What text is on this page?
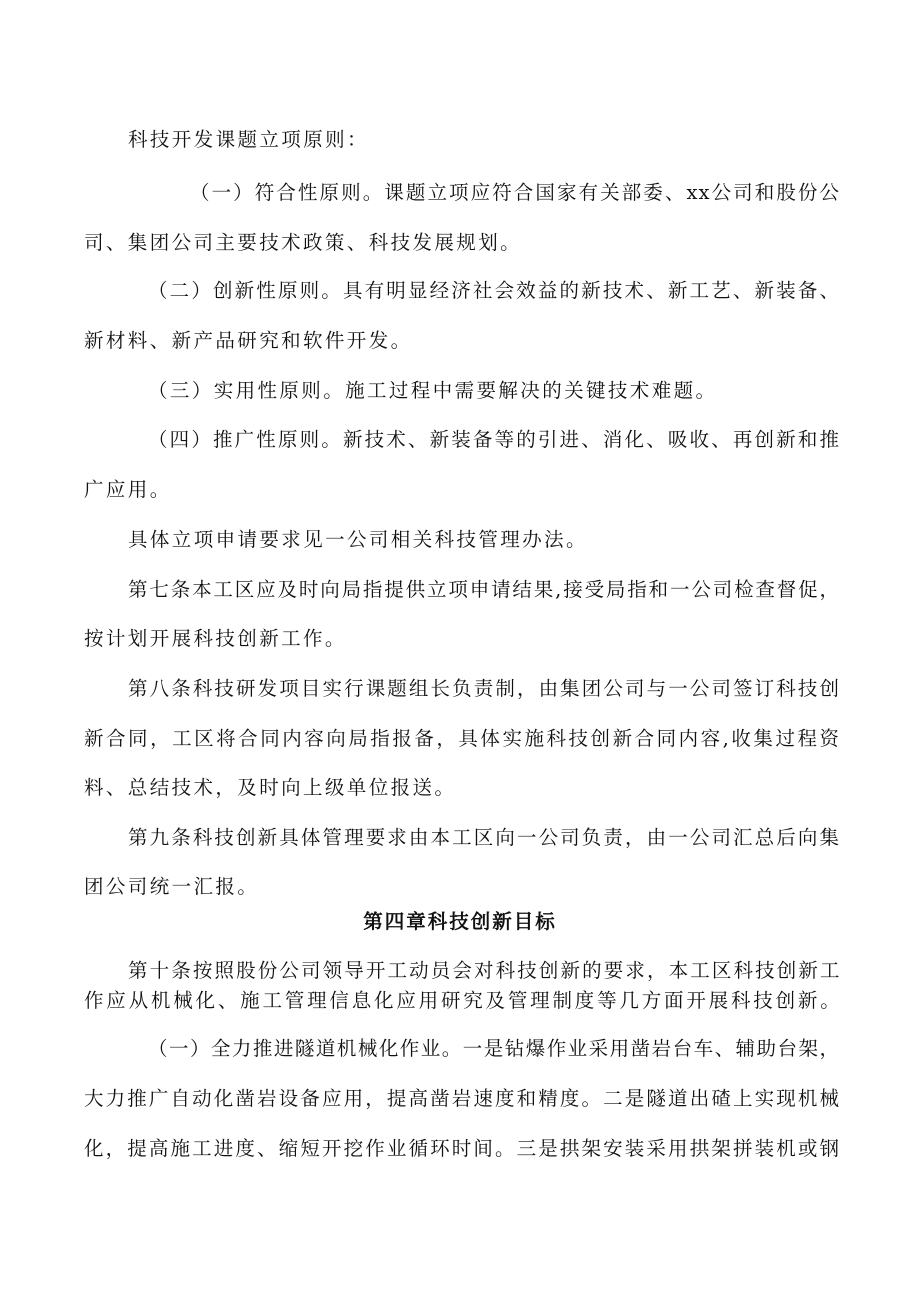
科技开发课题立项原则：
（一）符合性原则。课题立项应符合国家有关部委、xx公司和股份公
司、集团公司主要技术政策、科技发展规划。
（二）创新性原则。具有明显经济社会效益的新技术、新工艺、新装备、
新材料、新产品研究和软件开发。
（三）实用性原则。施工过程中需要解决的关键技术难题。
（四）推广性原则。新技术、新装备等的引进、消化、吸收、再创新和推
广应用。
具体立项申请要求见一公司相关科技管理办法。
第七条本工区应及时向局指提供立项申请结果,接受局指和一公司检查督促，
按计划开展科技创新工作。
第八条科技研发项目实行课题组长负责制，由集团公司与一公司签订科技创
新合同，工区将合同内容向局指报备，具体实施科技创新合同内容,收集过程资
料、总结技术，及时向上级单位报送。
第九条科技创新具体管理要求由本工区向一公司负责，由一公司汇总后向集
团公司统一汇报。
第四章科技创新目标
第十条按照股份公司领导开工动员会对科技创新的要求，本工区科技创新工
作应从机械化、施工管理信息化应用研究及管理制度等几方面开展科技创新。
（一）全力推进隧道机械化作业。一是钻爆作业采用凿岩台车、辅助台架，
大力推广自动化凿岩设备应用，提高凿岩速度和精度。二是隧道出碴上实现机械
化，提高施工进度、缩短开挖作业循环时间。三是拱架安装采用拱架拼装机或钢
